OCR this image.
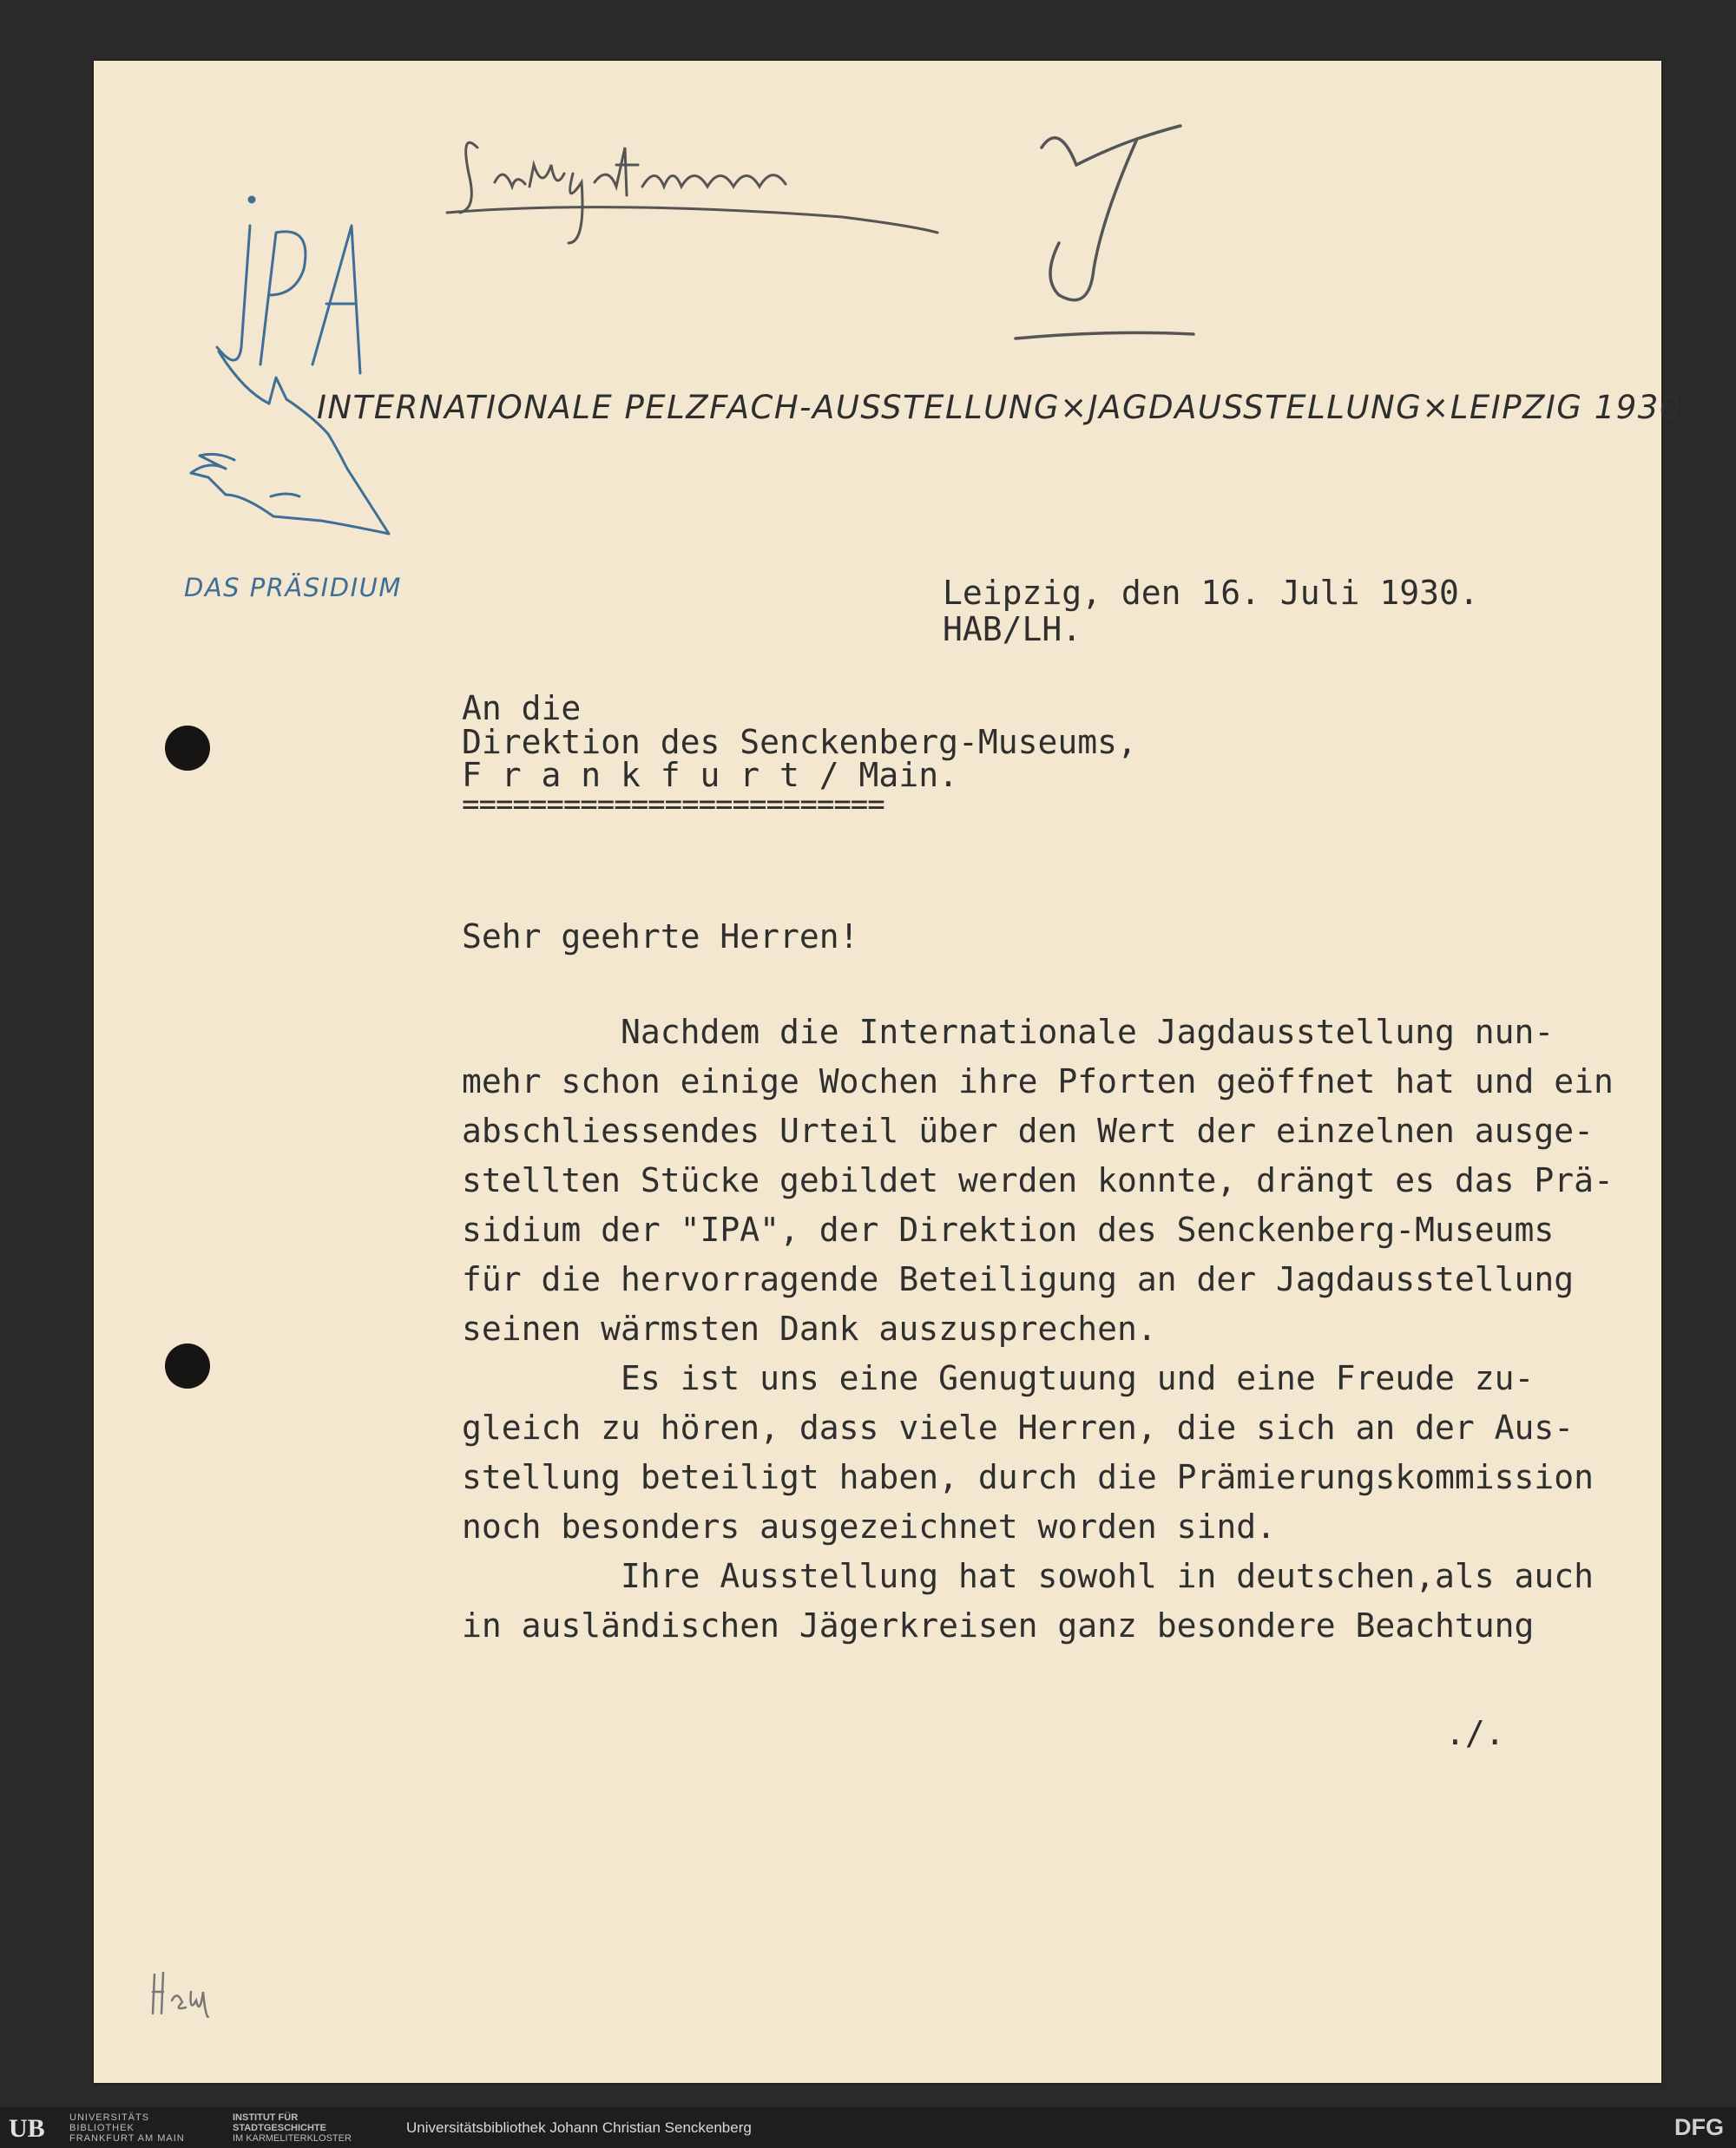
INTERNATIONALE PELZFACH-AUSSTELLUNG×JAGDAUSSTELLUNG×LEIPZIG 1930
DAS PRÄSIDIUM	Leipzig, den 16. Juli 1930.
HAB/LH.
An die
Direktion des Senckenberg-Museums,
F r a n k f u r t / Main.
=========================
Sehr geehrte Herren!
Nachdem die Internationale Jagdausstellung nun-
mehr schon einige Wochen ihre Pforten geöffnet hat und ein
abschliessendes Urteil über den Wert der einzelnen ausge-
stellten Stücke gebildet werden konnte, drängt es das Prä-
sidium der "IPA", der Direktion des Senckenberg-Museums
für die hervorragende Beteiligung an der Jagdausstellung
seinen wärmsten Dank auszusprechen.
Es ist uns eine Genugtuung und eine Freude zu-
gleich zu hören, dass viele Herren, die sich an der Aus-
stellung beteiligt haben, durch die Prämierungskommission
noch besonders ausgezeichnet worden sind.
Ihre Ausstellung hat sowohl in deutschen,als auch
in ausländischen Jägerkreisen ganz besondere Beachtung
./.
UB	UNIVERSITÄTS
BIBLIOTHEK
FRANKFURT AM MAIN
INSTITUT FÜR
STADTGESCHICHTE
IM KARMELITERKLOSTER
Universitätsbibliothek Johann Christian Senckenberg	DFG
